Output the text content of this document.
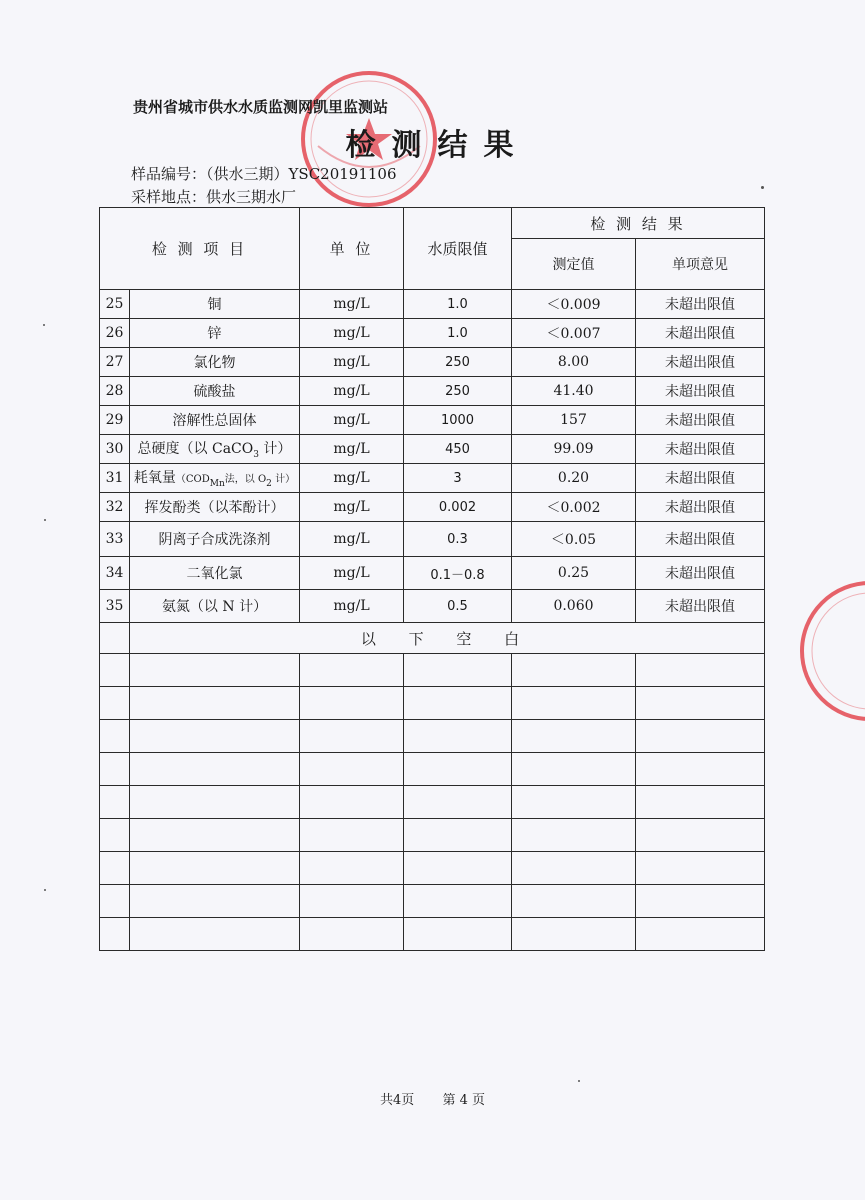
贵州省城市供水水质监测网凯里监测站
检测结果
样品编号：（供水三期）YSC20191106
采样地点：供水三期水厂
检 测 项 目		单 位	水质限值	检 测 结 果	
				测定值	单项意见
25	铜	mg/L	1.0	＜0.009	未超出限值
26	锌	mg/L	1.0	＜0.007	未超出限值
27	氯化物	mg/L	250	8.00	未超出限值
28	硫酸盐	mg/L	250	41.40	未超出限值
29	溶解性总固体	mg/L	1000	157	未超出限值
30	总硬度（以 CaCO$_3$ 计）	mg/L	450	99.09	未超出限值
31	耗氧量（$COD_{Mn}$法，以 $O_2$ 计）	mg/L	3	0.20	未超出限值
32	挥发酚类（以苯酚计）	mg/L	0.002	＜0.002	未超出限值
33	阴离子合成洗涤剂	mg/L	0.3	＜0.05	未超出限值
34	二氧化氯	mg/L	0.1－0.8	0.25	未超出限值
35	氨氮（以 N 计）	mg/L	0.5	0.060	未超出限值
	以 下 空 白				

共4页 第 4 页
